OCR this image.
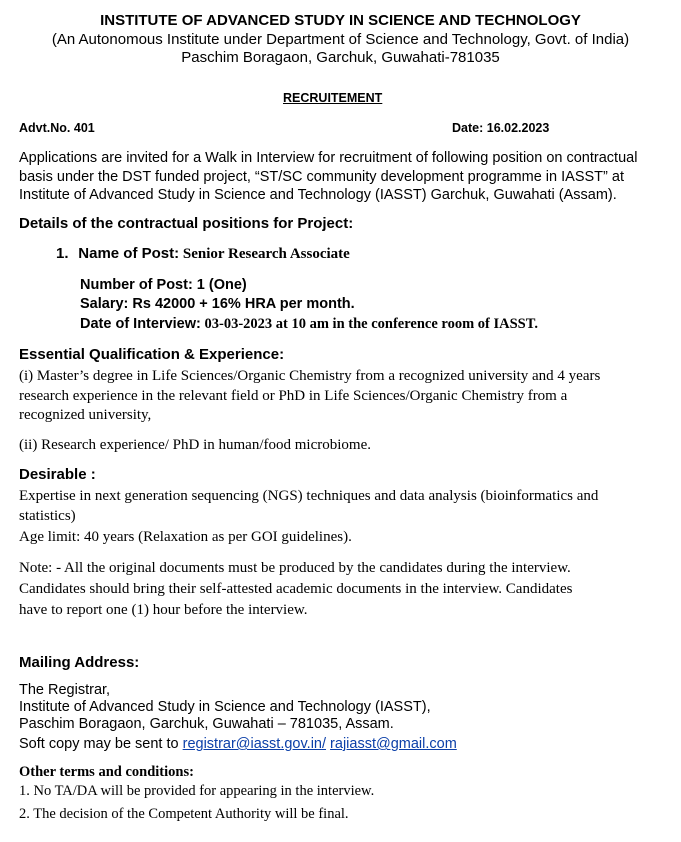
INSTITUTE OF ADVANCED STUDY IN SCIENCE AND TECHNOLOGY
(An Autonomous Institute under Department of Science and Technology, Govt. of India)
Paschim Boragaon, Garchuk, Guwahati-781035
RECRUITEMENT
Advt.No. 401	Date: 16.02.2023
Applications are invited for a Walk in Interview for recruitment of following position on contractual
basis under the DST funded project, “ST/SC community development programme in IASST” at
Institute of Advanced Study in Science and Technology (IASST) Garchuk, Guwahati (Assam).
Details of the contractual positions for Project:
1. Name of Post: Senior Research Associate
Number of Post: 1 (One)
Salary: Rs 42000 + 16% HRA per month.
Date of Interview: 03-03-2023 at 10 am in the conference room of IASST.
Essential Qualification & Experience:
(i) Master’s degree in Life Sciences/Organic Chemistry from a recognized university and 4 years
research experience in the relevant field or PhD in Life Sciences/Organic Chemistry from a
recognized university,
(ii) Research experience/ PhD in human/food microbiome.
Desirable :
Expertise in next generation sequencing (NGS) techniques and data analysis (bioinformatics and
statistics)
Age limit: 40 years (Relaxation as per GOI guidelines).
Note: - All the original documents must be produced by the candidates during the interview.
Candidates should bring their self-attested academic documents in the interview. Candidates
have to report one (1) hour before the interview.
Mailing Address:
The Registrar,
Institute of Advanced Study in Science and Technology (IASST),
Paschim Boragaon, Garchuk, Guwahati – 781035, Assam.
Soft copy may be sent to registrar@iasst.gov.in/ rajiasst@gmail.com
Other terms and conditions:
1. No TA/DA will be provided for appearing in the interview.
2. The decision of the Competent Authority will be final.
